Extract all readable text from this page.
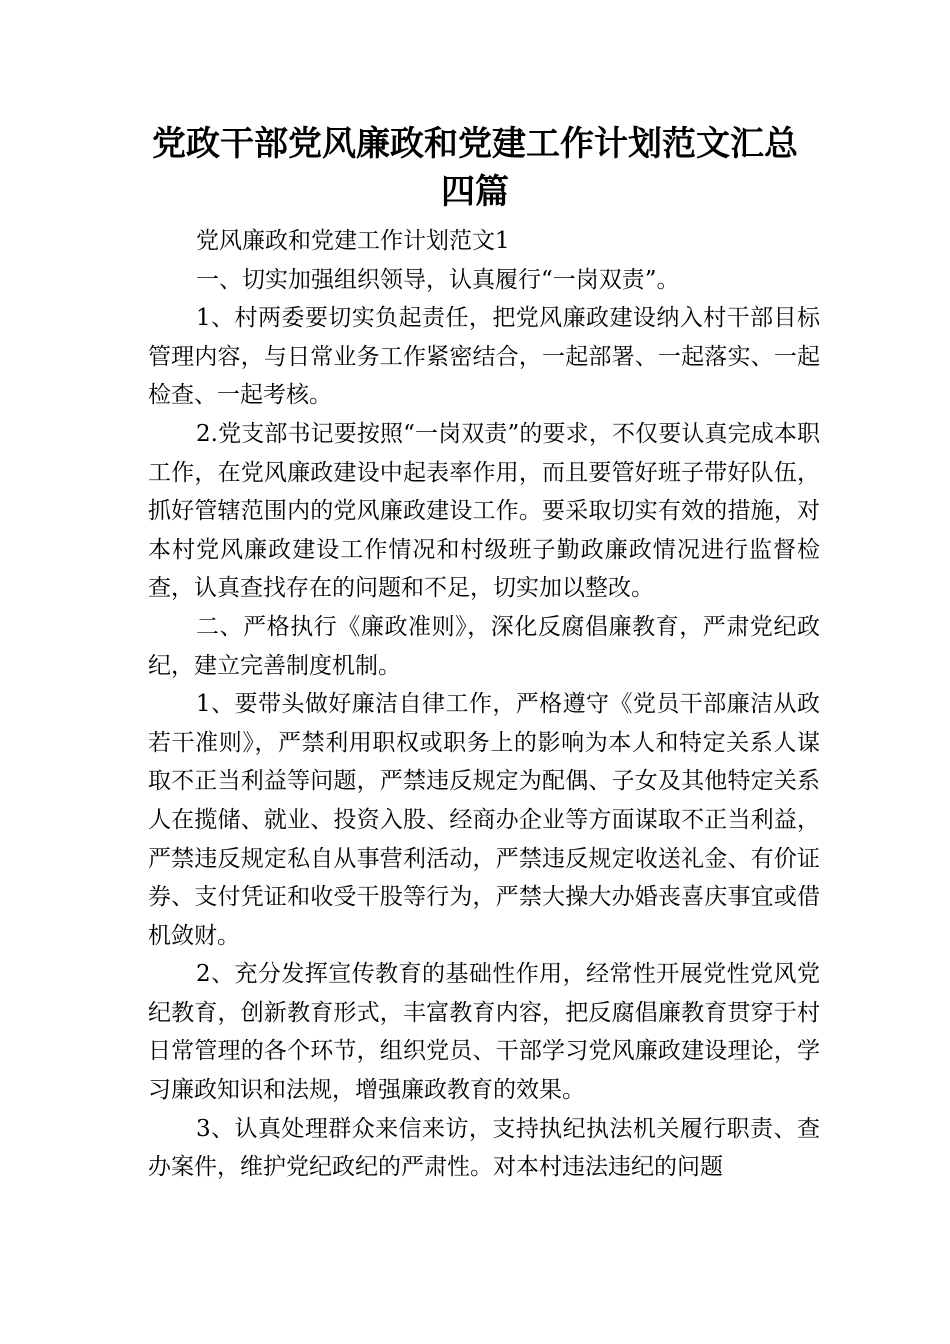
党政干部党风廉政和党建工作计划范文汇总
四篇

党风廉政和党建工作计划范文1

一、切实加强组织领导，认真履行“一岗双责”。

1、村两委要切实负起责任，把党风廉政建设纳入村干部目标管理内容，与日常业务工作紧密结合，一起部署、一起落实、一起检查、一起考核。

2.党支部书记要按照“一岗双责”的要求，不仅要认真完成本职工作，在党风廉政建设中起表率作用，而且要管好班子带好队伍，抓好管辖范围内的党风廉政建设工作。要采取切实有效的措施，对本村党风廉政建设工作情况和村级班子勤政廉政情况进行监督检查，认真查找存在的问题和不足，切实加以整改。

二、严格执行《廉政准则》，深化反腐倡廉教育，严肃党纪政纪，建立完善制度机制。

1、要带头做好廉洁自律工作，严格遵守《党员干部廉洁从政若干准则》，严禁利用职权或职务上的影响为本人和特定关系人谋取不正当利益等问题，严禁违反规定为配偶、子女及其他特定关系人在揽储、就业、投资入股、经商办企业等方面谋取不正当利益，严禁违反规定私自从事营利活动，严禁违反规定收送礼金、有价证券、支付凭证和收受干股等行为，严禁大操大办婚丧喜庆事宜或借机敛财。

2、充分发挥宣传教育的基础性作用，经常性开展党性党风党纪教育，创新教育形式，丰富教育内容，把反腐倡廉教育贯穿于村日常管理的各个环节，组织党员、干部学习党风廉政建设理论，学习廉政知识和法规，增强廉政教育的效果。

3、认真处理群众来信来访，支持执纪执法机关履行职责、查办案件，维护党纪政纪的严肃性。对本村违法违纪的问题
